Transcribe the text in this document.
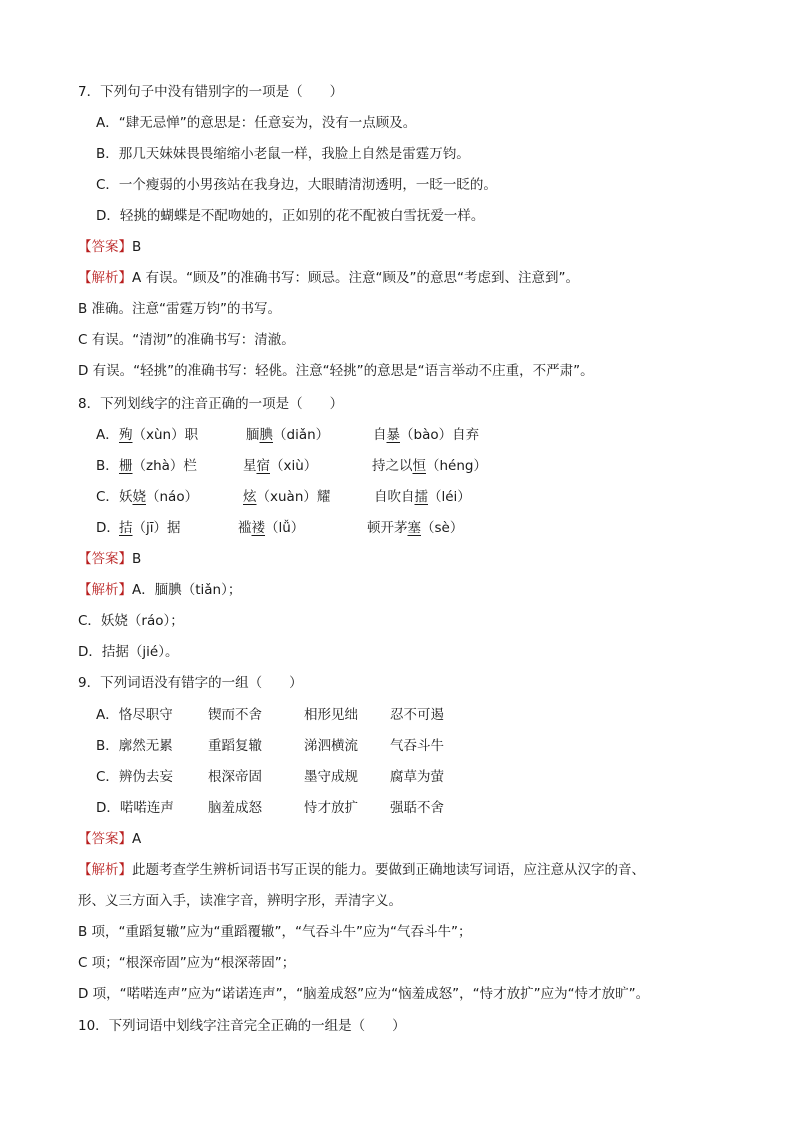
7．下列句子中没有错别字的一项是（　　）
A．“肆无忌惮”的意思是：任意妄为，没有一点顾及。
B．那几天妹妹畏畏缩缩小老鼠一样，我脸上自然是雷霆万钧。
C．一个瘦弱的小男孩站在我身边，大眼睛清沏透明，一眨一眨的。
D．轻挑的蝴蝶是不配吻她的，正如别的花不配被白雪抚爱一样。
【答案】B
【解析】A 有误。“顾及”的准确书写：顾忌。注意“顾及”的意思“考虑到、注意到”。
B 准确。注意“雷霆万钧”的书写。
C 有误。“清沏”的准确书写：清澈。
D 有误。“轻挑”的准确书写：轻佻。注意“轻挑”的意思是“语言举动不庄重，不严肃”。
8．下列划线字的注音正确的一项是（　　）
A． 殉（xùn）职	腼腆（diǎn）	自暴（bào）自弃
B． 栅（zhà）栏	星宿（xiù）	持之以恒（héng）
C． 妖娆（náo）	炫（xuàn）耀	自吹自擂（léi）
D． 拮（jī）据	褴褛（lǚ）	顿开茅塞（sè）
【答案】B
【解析】A．腼腆（tiǎn）；
C．妖娆（ráo）；
D．拮据（jié）。
9．下列词语没有错字的一组（　　）
A．恪尽职守	锲而不舍	相形见绌 忍不可遏
B．廓然无累	重蹈复辙	涕泗横流 气吞斗牛
C．辨伪去妄	根深帝固	墨守成规 腐草为萤
D．喏喏连声	脑羞成怒	恃才放扩 强聒不舍
【答案】A
【解析】此题考查学生辨析词语书写正误的能力。要做到正确地读写词语，应注意从汉字的音、
形、义三方面入手，读准字音，辨明字形，弄清字义。
B 项，“重蹈复辙”应为“重蹈覆辙”，“气吞斗牛”应为“气吞斗牛”；
C 项；“根深帝固”应为“根深蒂固”；
D 项，“喏喏连声”应为“诺诺连声”，“脑羞成怒”应为“恼羞成怒”，“恃才放扩”应为“恃才放旷”。
10．下列词语中划线字注音完全正确的一组是（　　）
